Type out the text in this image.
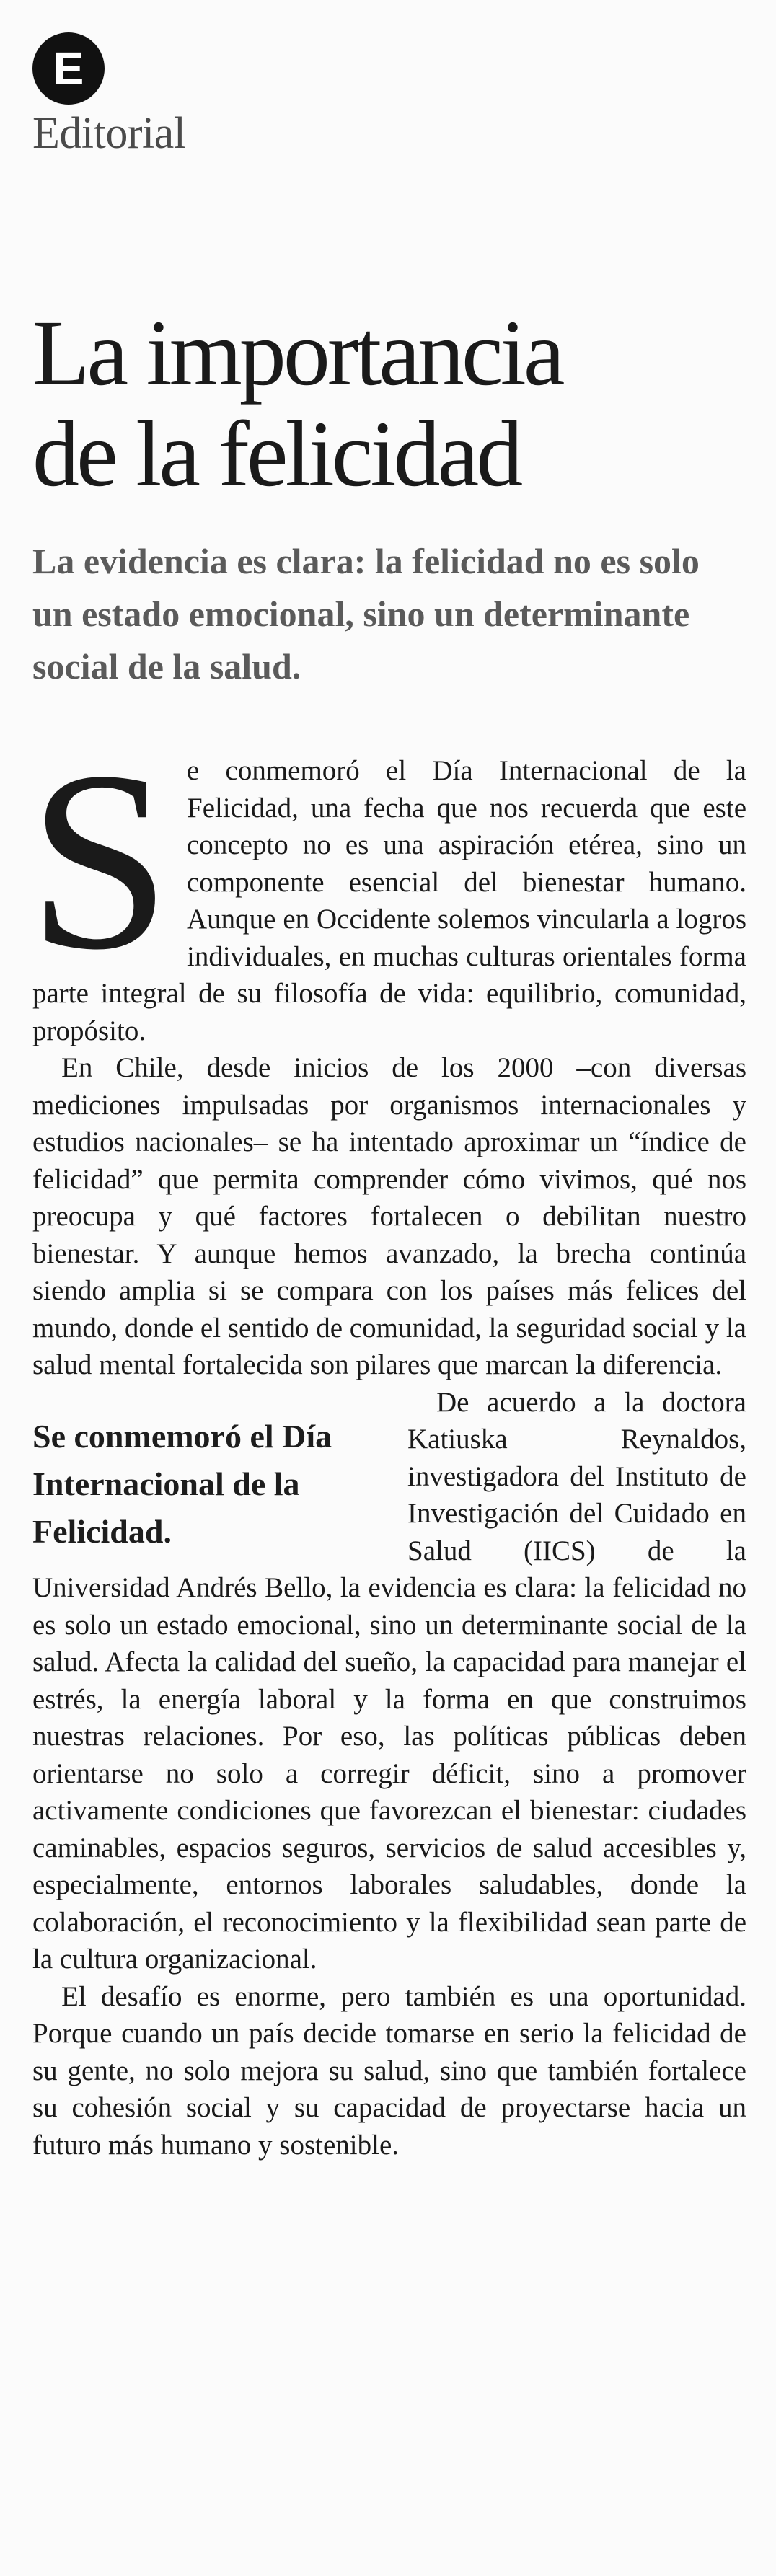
E
Editorial
La importancia
de la felicidad

La evidencia es clara: la felicidad no es solo un estado emocional, sino un determinante social de la salud.

Se conmemoró el Día Internacional de la Felicidad, una fecha que nos recuerda que este concepto no es una aspiración etérea, sino un componente esencial del bienestar humano. Aunque en Occidente solemos vincularla a logros individuales, en muchas culturas orientales forma parte integral de su filosofía de vida: equilibrio, comunidad, propósito.

En Chile, desde inicios de los 2000 –con diversas mediciones impulsadas por organismos internacionales y estudios nacionales– se ha intentado aproximar un “índice de felicidad” que permita comprender cómo vivimos, qué nos preocupa y qué factores fortalecen o debilitan nuestro bienestar. Y aunque hemos avanzado, la brecha continúa siendo amplia si se compara con los países más felices del mundo, donde el sentido de comunidad, la seguridad social y la salud mental fortalecida son pilares que marcan la diferencia.

Se conmemoró el Día Internacional de la Felicidad.

De acuerdo a la doctora Katiuska Reynaldos, investigadora del Instituto de Investigación del Cuidado en Salud (IICS) de la Universidad Andrés Bello, la evidencia es clara: la felicidad no es solo un estado emocional, sino un determinante social de la salud. Afecta la calidad del sueño, la capacidad para manejar el estrés, la energía laboral y la forma en que construimos nuestras relaciones. Por eso, las políticas públicas deben orientarse no solo a corregir déficit, sino a promover activamente condiciones que favorezcan el bienestar: ciudades caminables, espacios seguros, servicios de salud accesibles y, especialmente, entornos laborales saludables, donde la colaboración, el reconocimiento y la flexibilidad sean parte de la cultura organizacional.

El desafío es enorme, pero también es una oportunidad. Porque cuando un país decide tomarse en serio la felicidad de su gente, no solo mejora su salud, sino que también fortalece su cohesión social y su capacidad de proyectarse hacia un futuro más humano y sostenible.
